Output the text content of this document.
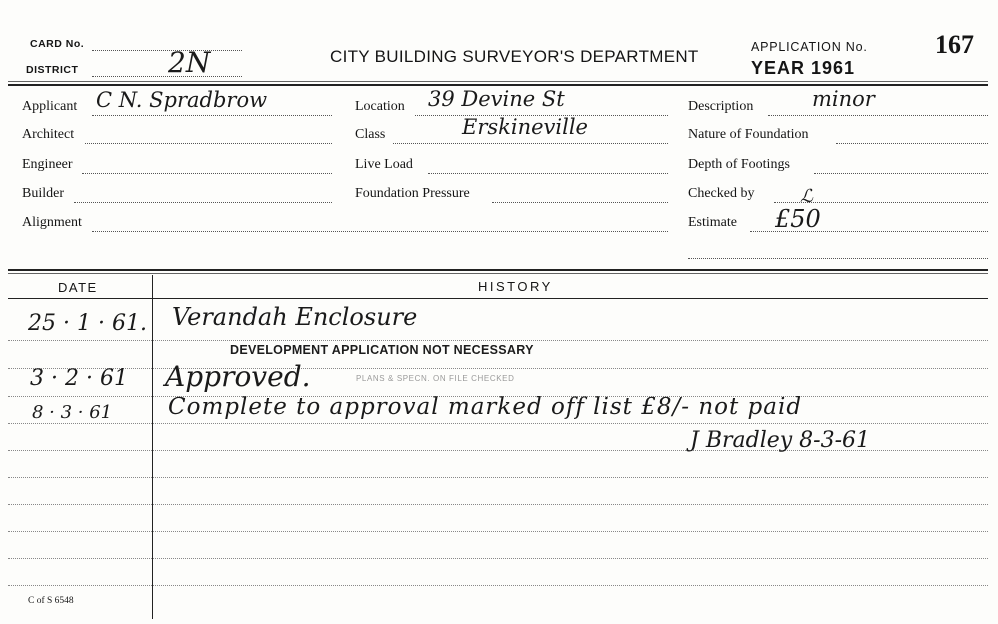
CARD No.
DISTRICT	2N	CITY BUILDING SURVEYOR'S DEPARTMENT	APPLICATION No.
YEAR 1961
167
Applicant C N. Spradbrow
Architect
Engineer
Builder
Alignment
Location 39 Devine St
Class	Erskineville
Live Load
Foundation Pressure
Description	minor
Nature of Foundation
Depth of Footings
Checked by	ℒ
Estimate £50
DATE	HISTORY
25 · 1 · 61. Verandah Enclosure
DEVELOPMENT APPLICATION NOT NECESSARY
3 · 2 · 61 Approved.	PLANS & SPECN. ON FILE CHECKED
8 · 3 · 61 Complete to approval marked off list £8/- not paid
J Bradley 8-3-61
C of S 6548
